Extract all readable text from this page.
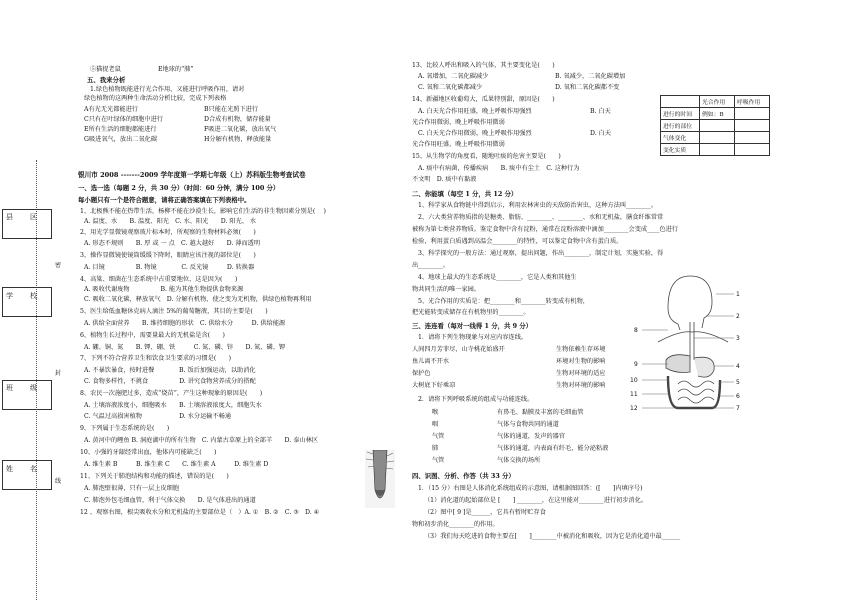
县　区
学　校
班　级
姓　名
密
封
线
⑤猫捉老鼠	E地球的“肺”
五、我来分析
1.绿色植物既能进行光合作用，又能进行呼吸作用，请对
绿色植物的这两种生命活动分析比较，完成下列表格
A有光无光都能进行	B只能在光照下进行
C只有在叶绿体的细胞中进行	D合成有机物，储存能量
E所有生活的细胞都能进行	F吸进二氧化碳，放出氧气
G吸进氧气，放出二氧化碳	H分解有机物，释放能量
银川市 2008 -------2009 学年度第一学期七年级（上）苏科版生物考查试卷
一、选一选（每题 2 分，共 30 分）（时间：60 分钟，满分 100 分）
每小题只有一个是符合题意，请将正确答案填在下列表格中。
1、北极熊不能在热带生活，杨柳不能在沙漠生长，影响它们生活的非生物因素分别是(　 )
A. 温度、水　　B. 温度、阳光　C. 水、阳光　　D. 阳光、 水
2、用光学显微镜观察玻片标本时，所观察的生物材料必须(　　)
A. 形态不规则　　B. 厚 或 一 点　C. 越大越好　　D. 薄而透明
3、操作显微镜使镜筒缓缓下降时，眼睛应该注视的部位是(　　)
A. 目镜　　　　　B. 物镜　　　　C. 反光镜　　　D. 转换器
4、高粱、细菌在生态系统中占重要地位，这是因为(　　)
A. 吸收代谢废物　　　　　B. 能为其他生物提供食物来源
C. 吸收二氧化碳，释放氧气　D. 分解有机物，使之变为无机物，供绿色植物再利用
5、医生给低血糖休克病人滴注 5%的葡萄糖液，其目的主要是(　　)
A. 供给全面营养　　B. 维持细胞的形状　C. 供给水分　　　D. 供给能源
6、植物生长过程中，需要量最大的无机盐是含(　　)
A. 硼、铜、氮　　B. 钾、硼、铁　　　C. 氮、磷、锌　　D. 氮、磷、钾
7、下列不符合营养卫生和饮食卫生要求的习惯是(　　)
A. 不暴饮暴食，按时进餐　　　　B. 饭后加强运动，以助消化
C. 食物多样性，不挑食　　　　　D. 讲究食物营养成分的搭配
8、农民一次施肥过多，造成“烧苗”，产生这种现象的原因是(　　)
A. 土壤溶液浓度小，细胞吸水　　B. 土壤溶液浓度大，细胞失水
C. 气温过高损害植物　　　　　　D. 水分运输不畅通
9、下列属于生态系统的是(　　)
A. 黄河中的鲤鱼 B. 洞庭湖中的所有生物　C. 内蒙古草原上的全部羊　　D. 泰山林区
10、小强的牙龈经常出血，他体内可能缺乏(　　)
A. 维生素 B　　　B. 维生素 C　　C. 维生素 A　　　D. 维生素 D
11、下列关于肺泡结构和功能的描述，错误的是(　　)
A. 肺泡壁很薄，只有一层上皮细胞
C. 肺泡外包毛细血管，利于气体交换　　D. 是气体进出的通道
12 、观察右图，根尖吸收水分和无机盐的主要部位是（　）A. ①　B. ②　C. ③　D. ④
13、比较人呼出和吸入的气体，其主要变化是(　　)
A. 氧增加，二氧化碳减少	B. 氧减少，二氧化碳增加
C. 氧和二氧化碳都减少	D. 氧和二氧化碳都不变
14、新疆地区收葡萄大，瓜果特别甜，原因是(　　)
A. 白天光合作用旺盛，晚上呼吸作用强烈	B. 白天
光合作用微弱，晚上呼吸作用微弱
C. 白天光合作用微弱，晚上呼吸作用强烈	D. 白天
光合作用旺盛，晚上呼吸作用微弱
15、从生物学的角度看，随地吐痰的危害主要是(　　)
A. 痰中有病菌，传播疾病　　B. 痰中有尘土　C. 这种行为
不文明　D. 痰中有黏液
	光合作用	呼吸作用
进行的时间	例如：B	
进行的部位		
气体变化		
变化实质		
二、你能填（每空 1 分，共 12 分）
1、科学家从食物链中得到启示，利用农林害虫的天敌防治害虫，这种方法叫________。
2、六大类营养物质指的是糖类、脂肪、________、________、水和无机盐，膳食纤维常常
被称为第七类营养物质。鉴定食物中含有淀粉，通常在淀粉溶液中滴加________会变成____色进行
检验，利用蛋白质遇到高温会________的特性，可以鉴定食物中含有蛋白质。
3、科学探究的一般方法：通过观察，提出问题，作出________，制定计划，实施实验，得
出________。
4、地球上最大的生态系统是________，它是人类和其他生
物共同生活的唯一家园。
5、光合作用的实质是：把________和________转变成有机物，
把光能转变成储存在有机物里的________。
三、连连看（每对一线得 1 分，共 9 分）
1．请将下列生物现象与对应内容连线。
人间四月芳菲尽，山寺桃花始盛开
鱼儿离不开水
保护色
大树底下好乘凉
生物依赖生存环境
环境对生物的影响
生物对环境的适应
生物对环境的影响
2．请将下列呼吸系统的组成与功能连线。
喉
咽
气管
肺
气管
有鼻毛、黏膜及丰富的毛细血管
气体与食物共同的通道
气体的通道，发声的器官
气体的通道，内表面有纤毛，能分泌粘液
气体交换的场所
四、识图、分析、作答（共 33 分）
1．（15 分）右图是人体消化系统组成的示意图，请根据图回答：([　　]内填序号)
（1）消化道的起始部位是 [　　] ________，在这里能对________进行初步消化。
（2）图中[ 9 ]是______，它具有暂时贮存食
物和初步消化________的作用。
（3）我们每天吃进的食物主要在[　　]________中被消化和吸收，因为它是消化道中最______
1
2
3
4
5
6
7
8
9
10
11
12
